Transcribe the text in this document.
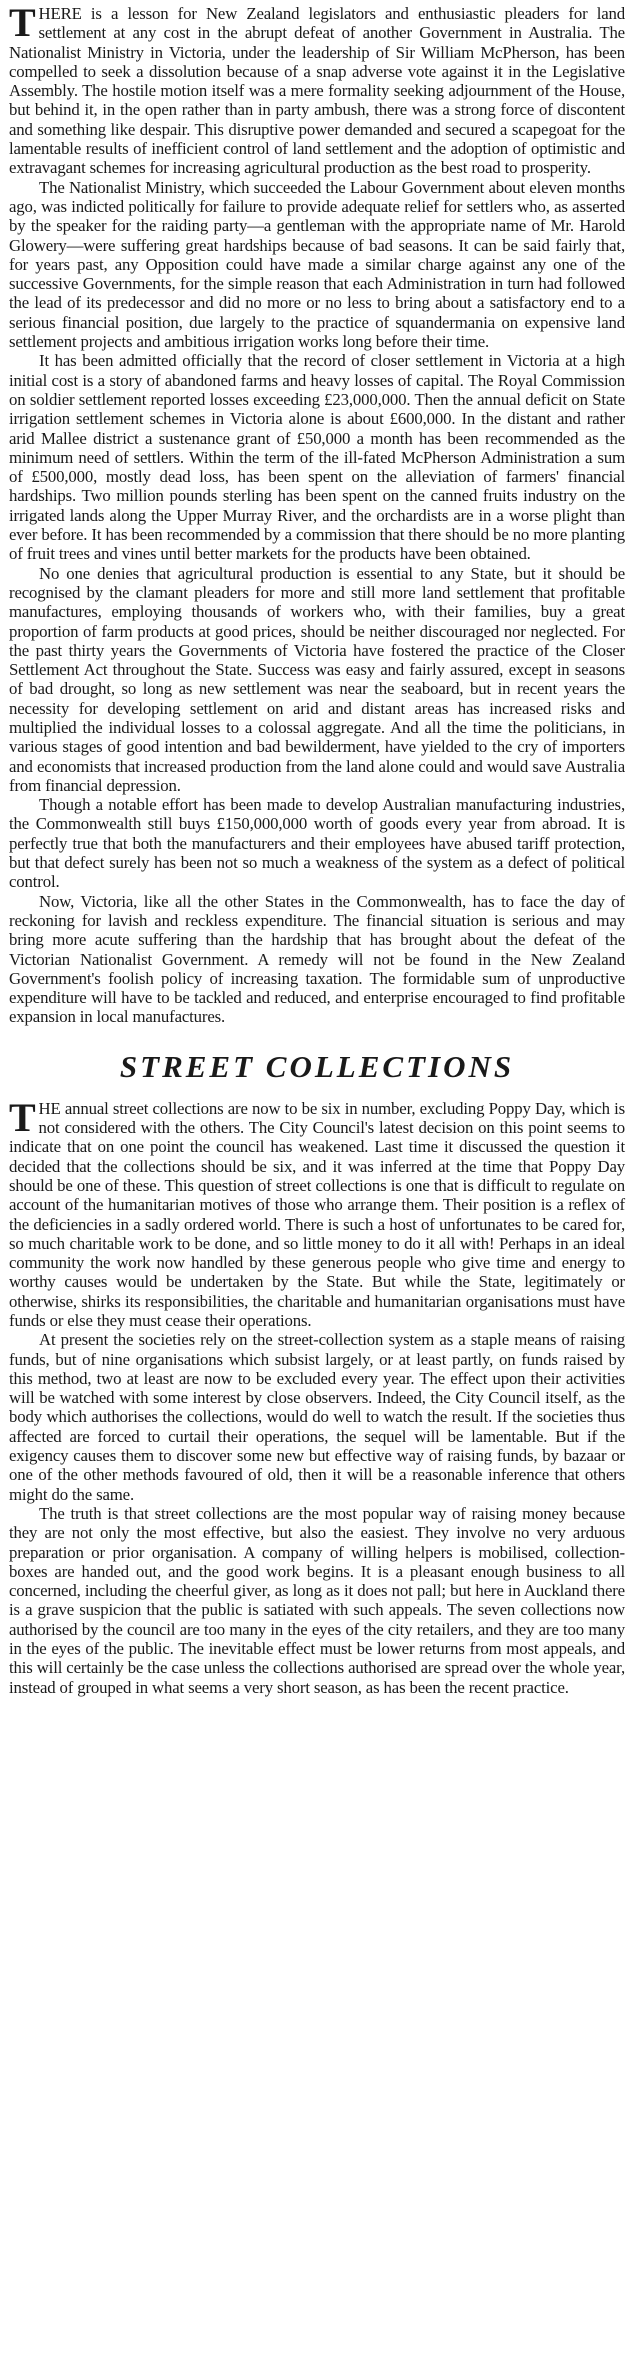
THERE is a lesson for New Zealand legislators and enthusiastic pleaders for land settlement at any cost in the abrupt defeat of another Government in Australia. The Nationalist Ministry in Victoria, under the leadership of Sir William McPherson, has been compelled to seek a dissolution because of a snap adverse vote against it in the Legislative Assembly. The hostile motion itself was a mere formality seeking adjournment of the House, but behind it, in the open rather than in party ambush, there was a strong force of discontent and something like despair. This disruptive power demanded and secured a scapegoat for the lamentable results of inefficient control of land settlement and the adoption of optimistic and extravagant schemes for increasing agricultural production as the best road to prosperity.

The Nationalist Ministry, which succeeded the Labour Government about eleven months ago, was indicted politically for failure to provide adequate relief for settlers who, as asserted by the speaker for the raiding party—a gentleman with the appropriate name of Mr. Harold Glowery—were suffering great hardships because of bad seasons. It can be said fairly that, for years past, any Opposition could have made a similar charge against any one of the successive Governments, for the simple reason that each Administration in turn had followed the lead of its predecessor and did no more or no less to bring about a satisfactory end to a serious financial position, due largely to the practice of squandermania on expensive land settlement projects and ambitious irrigation works long before their time.

It has been admitted officially that the record of closer settlement in Victoria at a high initial cost is a story of abandoned farms and heavy losses of capital. The Royal Commission on soldier settlement reported losses exceeding £23,000,000. Then the annual deficit on State irrigation settlement schemes in Victoria alone is about £600,000. In the distant and rather arid Mallee district a sustenance grant of £50,000 a month has been recommended as the minimum need of settlers. Within the term of the ill-fated McPherson Administration a sum of £500,000, mostly dead loss, has been spent on the alleviation of farmers' financial hardships. Two million pounds sterling has been spent on the canned fruits industry on the irrigated lands along the Upper Murray River, and the orchardists are in a worse plight than ever before. It has been recommended by a commission that there should be no more planting of fruit trees and vines until better markets for the products have been obtained.

No one denies that agricultural production is essential to any State, but it should be recognised by the clamant pleaders for more and still more land settlement that profitable manufactures, employing thousands of workers who, with their families, buy a great proportion of farm products at good prices, should be neither discouraged nor neglected. For the past thirty years the Governments of Victoria have fostered the practice of the Closer Settlement Act throughout the State. Success was easy and fairly assured, except in seasons of bad drought, so long as new settlement was near the seaboard, but in recent years the necessity for developing settlement on arid and distant areas has increased risks and multiplied the individual losses to a colossal aggregate. And all the time the politicians, in various stages of good intention and bad bewilderment, have yielded to the cry of importers and economists that increased production from the land alone could and would save Australia from financial depression.

Though a notable effort has been made to develop Australian manufacturing industries, the Commonwealth still buys £150,000,000 worth of goods every year from abroad. It is perfectly true that both the manufacturers and their employees have abused tariff protection, but that defect surely has been not so much a weakness of the system as a defect of political control.

Now, Victoria, like all the other States in the Commonwealth, has to face the day of reckoning for lavish and reckless expenditure. The financial situation is serious and may bring more acute suffering than the hardship that has brought about the defeat of the Victorian Nationalist Government. A remedy will not be found in the New Zealand Government's foolish policy of increasing taxation. The formidable sum of unproductive expenditure will have to be tackled and reduced, and enterprise encouraged to find profitable expansion in local manufactures.

STREET COLLECTIONS

THE annual street collections are now to be six in number, excluding Poppy Day, which is not considered with the others. The City Council's latest decision on this point seems to indicate that on one point the council has weakened. Last time it discussed the question it decided that the collections should be six, and it was inferred at the time that Poppy Day should be one of these. This question of street collections is one that is difficult to regulate on account of the humanitarian motives of those who arrange them. Their position is a reflex of the deficiencies in a sadly ordered world. There is such a host of unfortunates to be cared for, so much charitable work to be done, and so little money to do it all with! Perhaps in an ideal community the work now handled by these generous people who give time and energy to worthy causes would be undertaken by the State. But while the State, legitimately or otherwise, shirks its responsibilities, the charitable and humanitarian organisations must have funds or else they must cease their operations.

At present the societies rely on the street-collection system as a staple means of raising funds, but of nine organisations which subsist largely, or at least partly, on funds raised by this method, two at least are now to be excluded every year. The effect upon their activities will be watched with some interest by close observers. Indeed, the City Council itself, as the body which authorises the collections, would do well to watch the result. If the societies thus affected are forced to curtail their operations, the sequel will be lamentable. But if the exigency causes them to discover some new but effective way of raising funds, by bazaar or one of the other methods favoured of old, then it will be a reasonable inference that others might do the same.

The truth is that street collections are the most popular way of raising money because they are not only the most effective, but also the easiest. They involve no very arduous preparation or prior organisation. A company of willing helpers is mobilised, collection-boxes are handed out, and the good work begins. It is a pleasant enough business to all concerned, including the cheerful giver, as long as it does not pall; but here in Auckland there is a grave suspicion that the public is satiated with such appeals. The seven collections now authorised by the council are too many in the eyes of the city retailers, and they are too many in the eyes of the public. The inevitable effect must be lower returns from most appeals, and this will certainly be the case unless the collections authorised are spread over the whole year, instead of grouped in what seems a very short season, as has been the recent practice.
